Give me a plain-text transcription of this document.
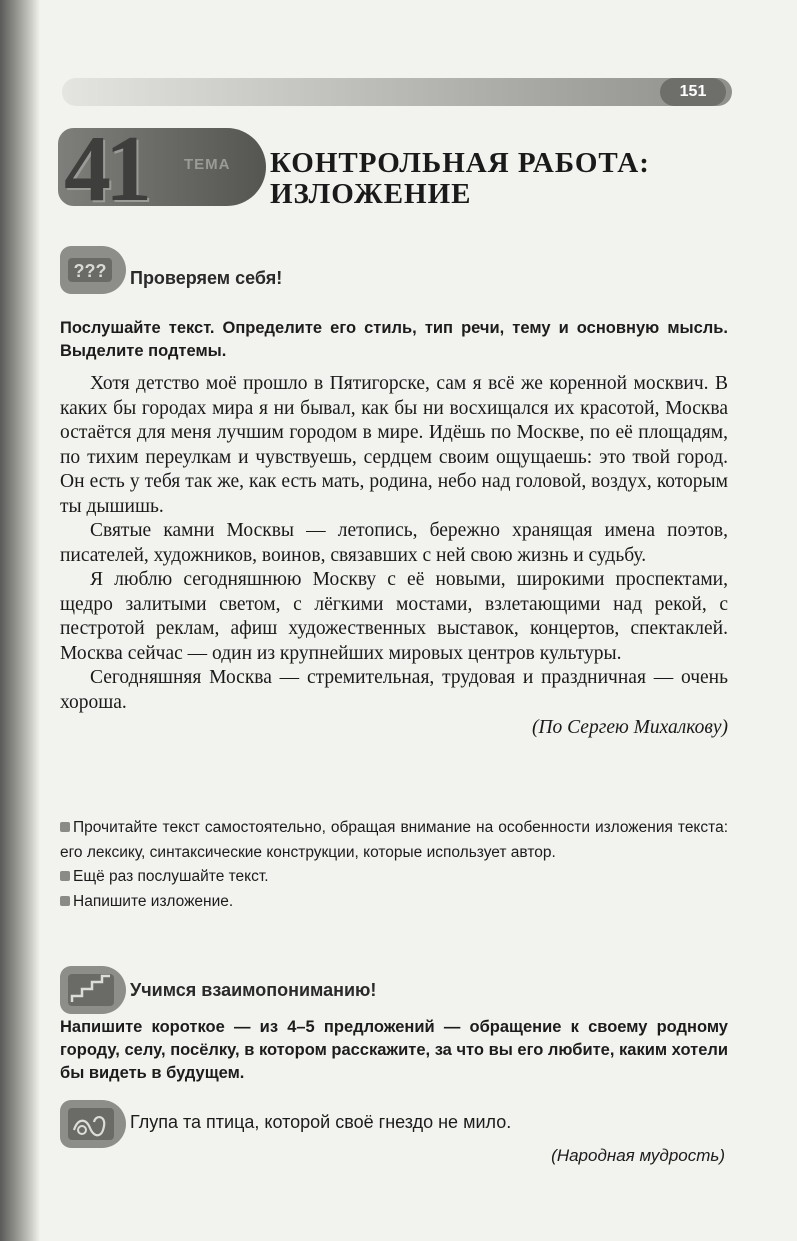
151
41	ТЕМА КОНТРОЛЬНАЯ РАБОТА:
ИЗЛОЖЕНИЕ
??? Проверяем себя!
Послушайте текст. Определите его стиль, тип речи, тему и основную мысль. Выделите подтемы.

Хотя детство моё прошло в Пятигорске, сам я всё же коренной москвич. В каких бы городах мира я ни бывал, как бы ни восхищался их красотой, Москва остаётся для меня лучшим городом в мире. Идёшь по Москве, по её площадям, по тихим переулкам и чувствуешь, сердцем своим ощущаешь: это твой город. Он есть у тебя так же, как есть мать, родина, небо над головой, воздух, которым ты дышишь.

Святые камни Москвы — летопись, бережно хранящая имена поэтов, писателей, художников, воинов, связавших с ней свою жизнь и судьбу.

Я люблю сегодняшнюю Москву с её новыми, широкими проспектами, щедро залитыми светом, с лёгкими мостами, взлетающими над рекой, с пестротой реклам, афиш художественных выставок, концертов, спектаклей. Москва сейчас — один из крупнейших мировых центров культуры.

Сегодняшняя Москва — стремительная, трудовая и праздничная — очень хороша.

(По Сергею Михалкову)
Прочитайте текст самостоятельно, обращая внимание на особенности изложения текста: его лексику, синтаксические конструкции, которые использует автор.
Ещё раз послушайте текст.
Напишите изложение.
Учимся взаимопониманию!
Напишите короткое — из 4–5 предложений — обращение к своему родному городу, селу, посёлку, в котором расскажите, за что вы его любите, каким хотели бы видеть в будущем.
Глупа та птица, которой своё гнездо не мило.
(Народная мудрость)
